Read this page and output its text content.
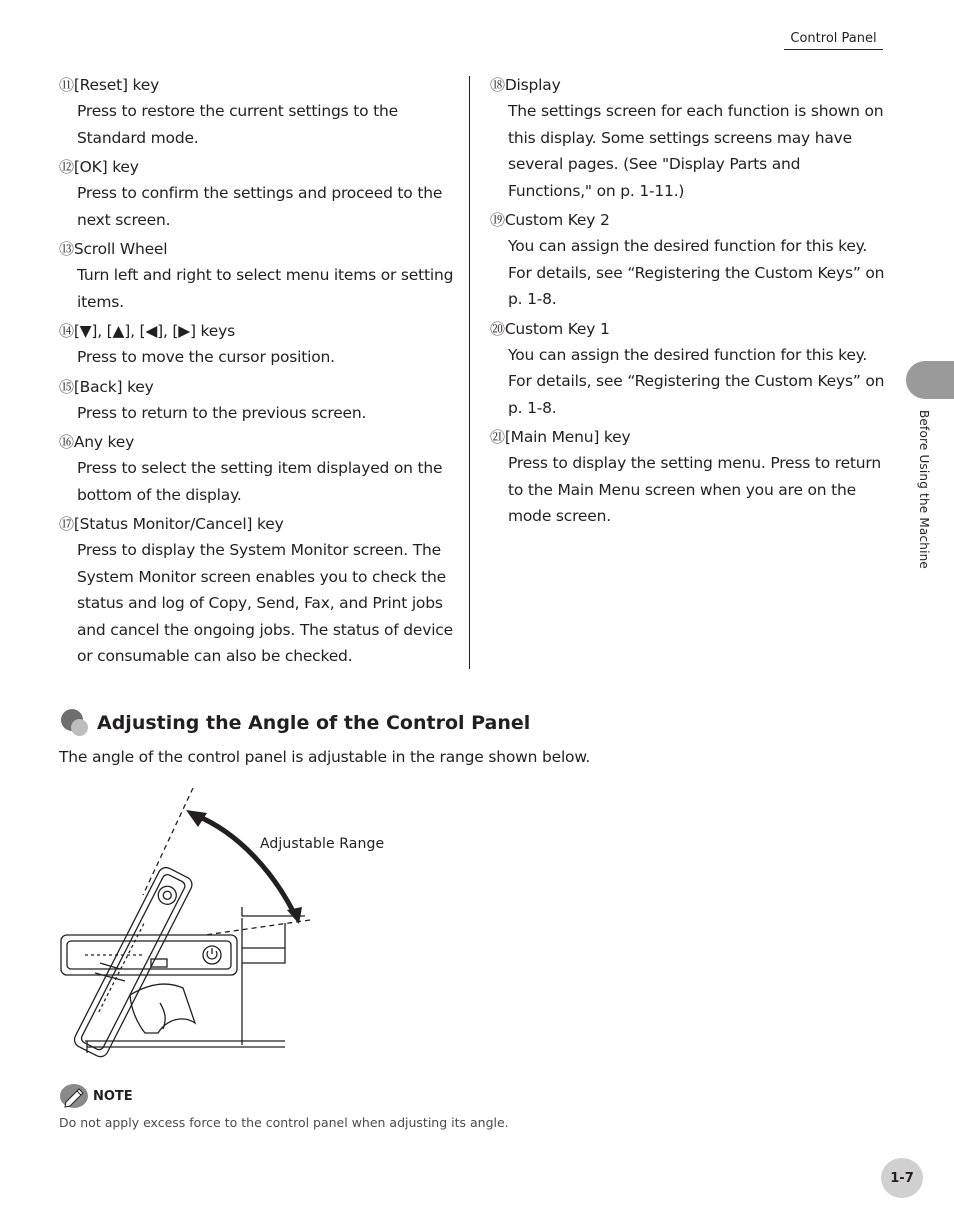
Control Panel
⑪[Reset] key
Press to restore the current settings to the Standard mode.
⑫[OK] key
Press to confirm the settings and proceed to the next screen.
⑬Scroll Wheel
Turn left and right to select menu items or setting items.
⑭[▼], [▲], [◀], [▶] keys
Press to move the cursor position.
⑮[Back] key
Press to return to the previous screen.
⑯Any key
Press to select the setting item displayed on the bottom of the display.
⑰[Status Monitor/Cancel] key
Press to display the System Monitor screen. The System Monitor screen enables you to check the status and log of Copy, Send, Fax, and Print jobs and cancel the ongoing jobs. The status of device or consumable can also be checked.
⑱Display
The settings screen for each function is shown on this display. Some settings screens may have several pages. (See "Display Parts and Functions," on p. 1-11.)
⑲Custom Key 2
You can assign the desired function for this key. For details, see “Registering the Custom Keys” on p. 1-8.
⑳Custom Key 1
You can assign the desired function for this key. For details, see “Registering the Custom Keys” on p. 1-8.
㉑[Main Menu] key
Press to display the setting menu. Press to return to the Main Menu screen when you are on the mode screen.	Before Using the Machine
Adjusting the Angle of the Control Panel
The angle of the control panel is adjustable in the range shown below.
Adjustable Range
NOTE
Do not apply excess force to the control panel when adjusting its angle.
1-7
